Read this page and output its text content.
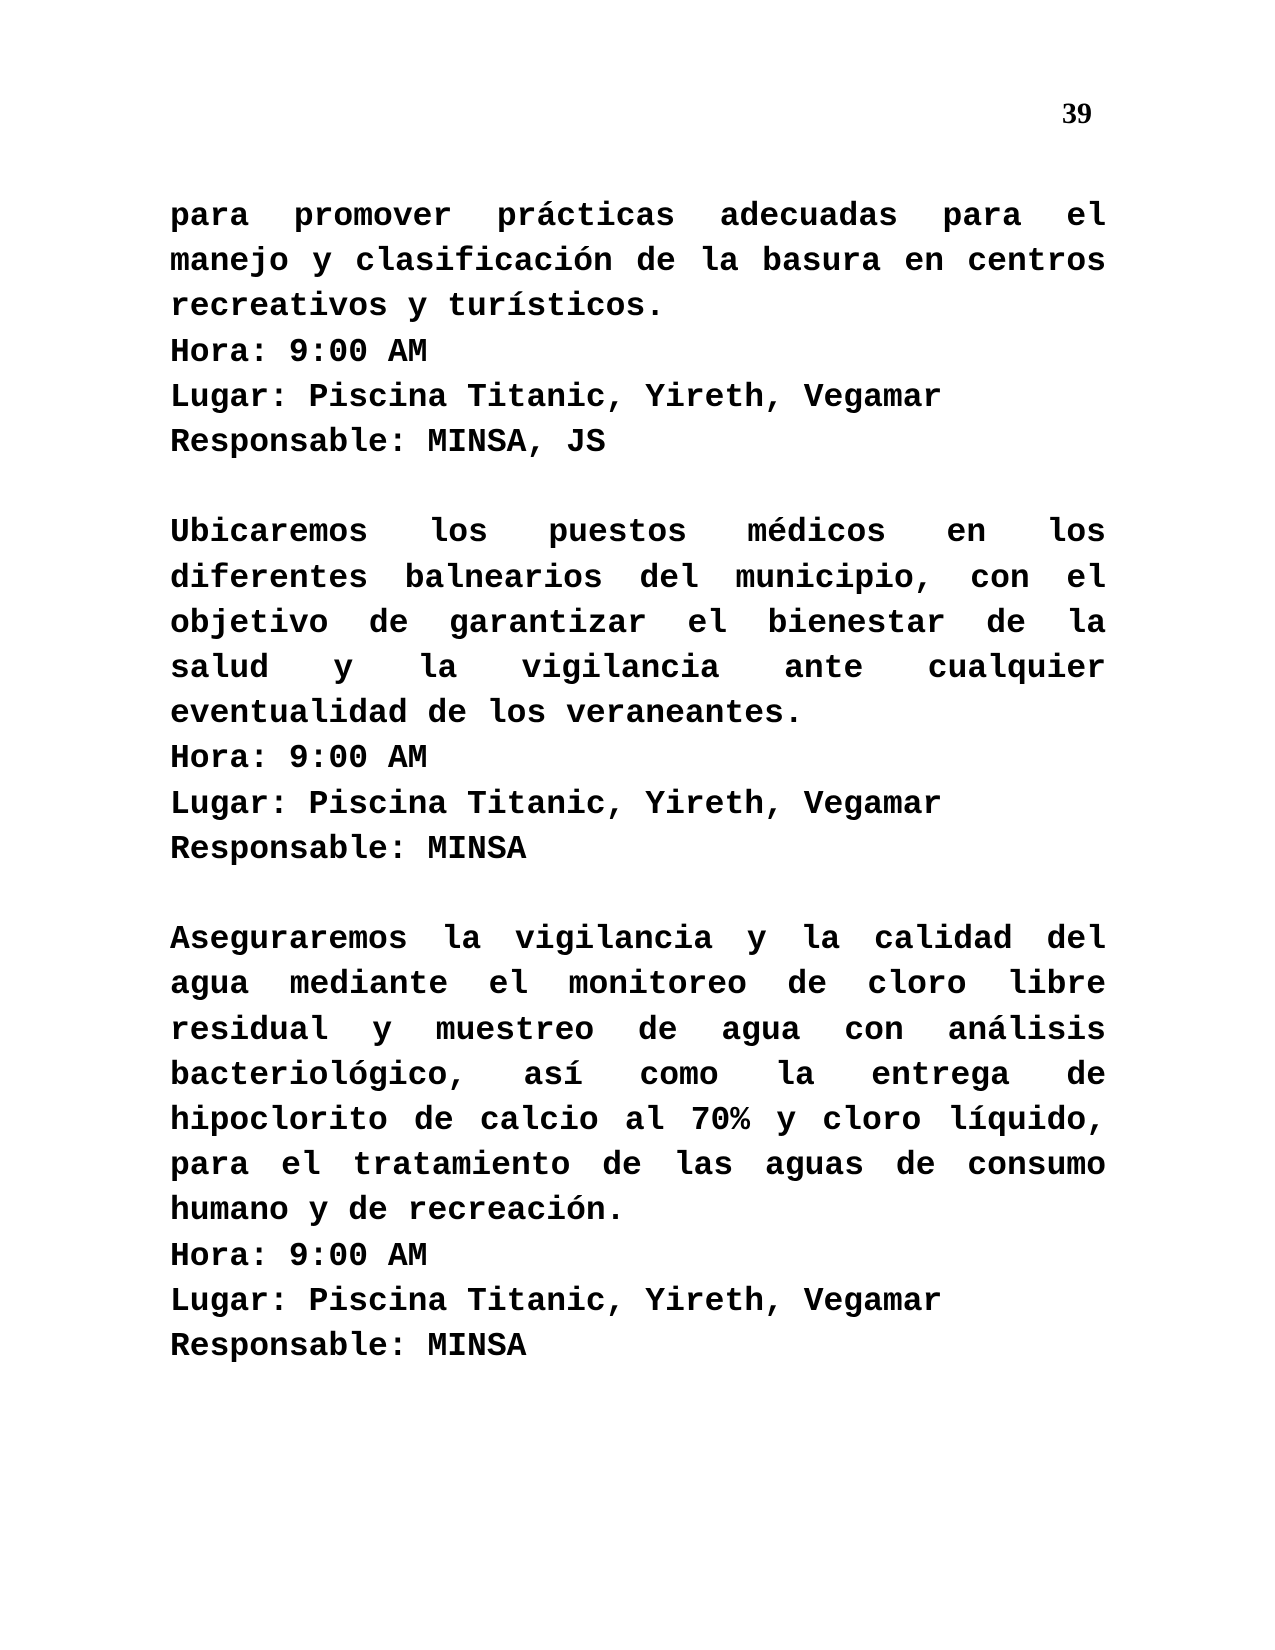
39
para promover prácticas adecuadas para el
manejo y clasificación de la basura en centros
recreativos y turísticos.
Hora: 9:00 AM
Lugar: Piscina Titanic, Yireth, Vegamar
Responsable: MINSA, JS
Ubicaremos los puestos médicos en los
diferentes balnearios del municipio, con el
objetivo de garantizar el bienestar de la
salud y la vigilancia ante cualquier
eventualidad de los veraneantes.
Hora: 9:00 AM
Lugar: Piscina Titanic, Yireth, Vegamar
Responsable: MINSA
Aseguraremos la vigilancia y la calidad del
agua mediante el monitoreo de cloro libre
residual y muestreo de agua con análisis
bacteriológico, así como la entrega de
hipoclorito de calcio al 70% y cloro líquido,
para el tratamiento de las aguas de consumo
humano y de recreación.
Hora: 9:00 AM
Lugar: Piscina Titanic, Yireth, Vegamar
Responsable: MINSA
